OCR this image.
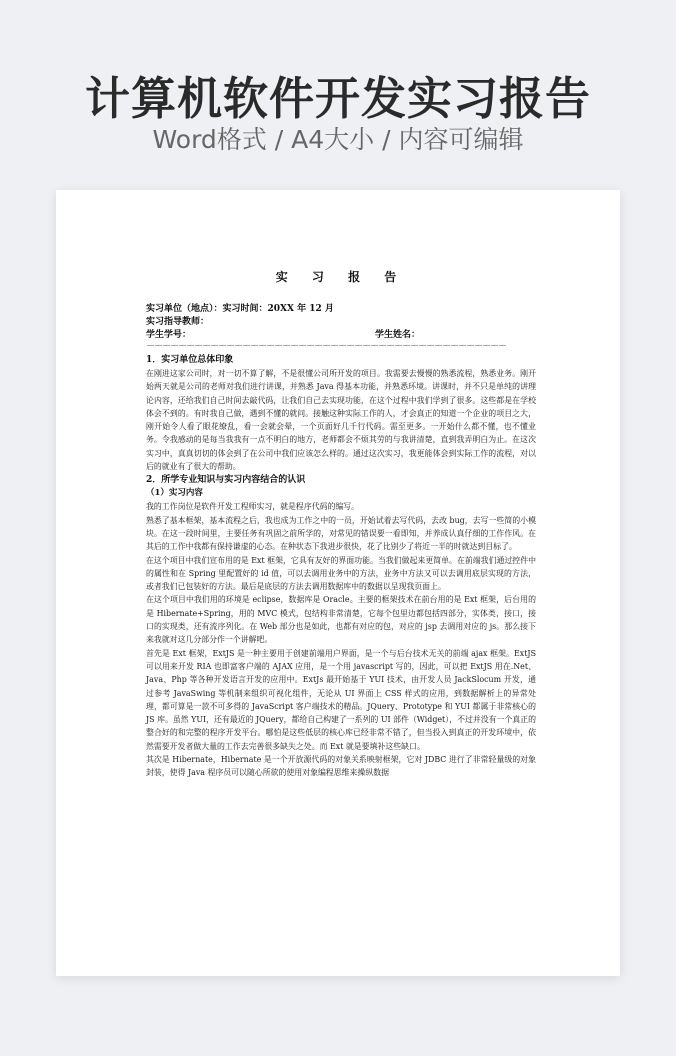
计算机软件开发实习报告
Word格式 / A4大小 / 内容可编辑
实 习 报 告
实习单位（地点）：实习时间：20XX 年 12 月
实习指导教师：
学生学号：	学生姓名：
－－－－－－－－－－－－－－－－－－－－－－－－－－－－－－－－－－－－－－－－－－－－－
1．实习单位总体印象
在刚进这家公司时，对一切不算了解，不是很懂公司所开发的项目。我需要去慢慢的熟悉流程，熟悉业务。刚开始两天就是公司的老师对我们进行讲课，并熟悉 Java 得基本功能，并熟悉环境。讲课时，并不只是单纯的讲理论内容，还给我们自己时间去敲代码，让我们自己去实现功能，在这个过程中我们学到了很多。这些都是在学校体会不到的。有时我自己做，遇到不懂的就问。接触这种实际工作的人，才会真正的知道一个企业的项目之大，刚开始令人看了眼花缭乱，看一会就会晕，一个页面好几千行代码。需至更多。一开始什么都不懂，也不懂业务。令我感动的是每当我我有一点不明白的地方，老师都会不烦其劳的与我讲清楚，直到我弄明白为止。在这次实习中，真真切切的体会到了在公司中我们应该怎么样的。通过这次实习，我更能体会到实际工作的流程，对以后的就业有了很大的帮助。
2．所学专业知识与实习内容结合的认识
（1）实习内容
我的工作岗位是软件开发工程师实习，就是程序代码的编写。
熟悉了基本框架，基本流程之后，我也成为工作之中的一员，开始试着去写代码，去改 bug，去写一些简的小模块。在这一段时间里，主要任务有巩固之前所学的，对常见的错误要一看即知，并养成认真仔细的工作作风。在其后的工作中我都有保持谦虚的心态。在种状态下我进步很快，花了比别少了将近一半的时就达到目标了。
在这个项目中我们宣布用的是 Ext 框架，它具有友好的界面功能。当我们做起来更简单。在前端我们通过控件中的属性和在 Spring 里配置好的 id 值，可以去调用业务中的方法，业务中方法又可以去调用底层实现的方法，或者我们已包装好的方法。最后是底层的方法去调用数据库中的数据以呈现我页面上。
在这个项目中我们用的环境是 eclipse，数据库是 Oracle。主要的框架技术在前台用的是 Ext 框架，后台用的是 Hibernate+Spring，用的 MVC 模式，包结构非常清楚，它每个包里边都包括四部分，实体类，接口，接口的实现类，还有流序列化。在 Web 部分也是如此，也都有对应的包，对应的 jsp 去调用对应的 js。那么接下来我就对这几分部分作一个讲解吧。
首先是 Ext 框架，ExtJS 是一种主要用于创建前端用户界面，是一个与后台技术无关的前端 ajax 框架。ExtJS 可以用来开发 RIA 也即富客户端的 AJAX 应用，是一个用 javascript 写的，因此，可以把 ExtJS 用在.Net、Java、Php 等各种开发语言开发的应用中。ExtJs 最开始基于 YUI 技术，由开发人员 JackSlocum 开发，通过参考 JavaSwing 等机制来组织可视化组件，无论从 UI 界面上 CSS 样式的应用，到数据解析上的异常处理，都可算是一款不可多得的 JavaScript 客户端技术的精品。JQuery、Prototype 和 YUI 都属于非常核心的 JS 库。虽然 YUI，还有最近的 JQuery，都给自己构建了一系列的 UI 部件（Widget），不过并没有一个真正的整合好的和完整的程序开发平台。哪怕是这些低层的核心库已经非常不错了，但当投入到真正的开发环境中，依然需要开发者做大量的工作去完善很多缺失之处。而 Ext 就是要填补这些缺口。
其次是 Hibernate，Hibernate 是一个开放源代码的对象关系映射框架，它对 JDBC 进行了非常轻量级的对象封装，使得 Java 程序员可以随心所欲的使用对象编程思维来操纵数据
